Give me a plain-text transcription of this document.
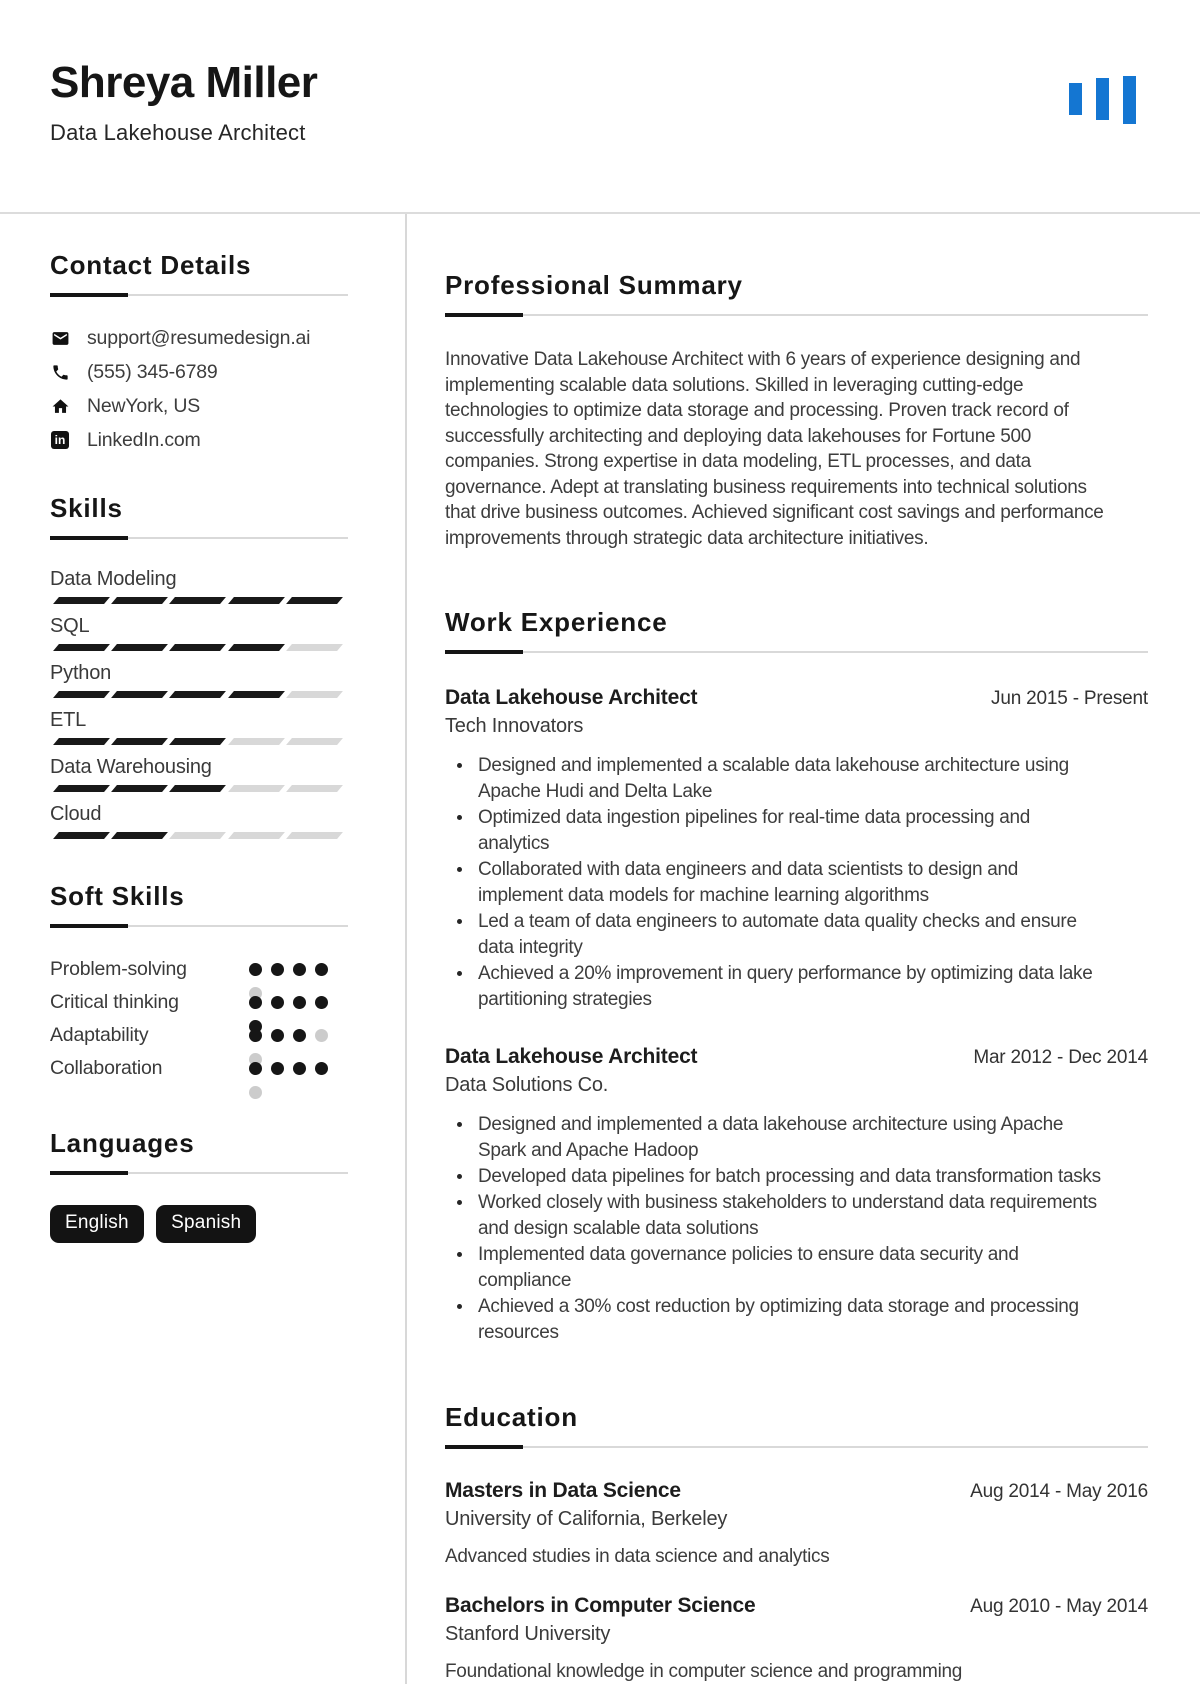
Shreya Miller
Data Lakehouse Architect
Contact Details
support@resumedesign.ai
(555) 345-6789
NewYork, US
in
LinkedIn.com
Skills
Data Modeling
SQL
Python
ETL
Data Warehousing
Cloud
Soft Skills
Problem-solving
Critical thinking
Adaptability
Collaboration
Languages
English Spanish
Professional Summary

Innovative Data Lakehouse Architect with 6 years of experience designing and implementing scalable data solutions. Skilled in leveraging cutting-edge technologies to optimize data storage and processing. Proven track record of successfully architecting and deploying data lakehouses for Fortune 500 companies. Strong expertise in data modeling, ETL processes, and data governance. Adept at translating business requirements into technical solutions that drive business outcomes. Achieved significant cost savings and performance improvements through strategic data architecture initiatives.

Work Experience
Data Lakehouse Architect	Jun 2015 - Present
Tech Innovators
Designed and implemented a scalable data lakehouse architecture using Apache Hudi and Delta Lake
Optimized data ingestion pipelines for real-time data processing and analytics
Collaborated with data engineers and data scientists to design and implement data models for machine learning algorithms
Led a team of data engineers to automate data quality checks and ensure data integrity
Achieved a 20% improvement in query performance by optimizing data lake partitioning strategies
Data Lakehouse Architect	Mar 2012 - Dec 2014
Data Solutions Co.
Designed and implemented a data lakehouse architecture using Apache Spark and Apache Hadoop
Developed data pipelines for batch processing and data transformation tasks
Worked closely with business stakeholders to understand data requirements and design scalable data solutions
Implemented data governance policies to ensure data security and compliance
Achieved a 30% cost reduction by optimizing data storage and processing resources
Education
Masters in Data Science	Aug 2014 - May 2016
University of California, Berkeley
Advanced studies in data science and analytics
Bachelors in Computer Science	Aug 2010 - May 2014
Stanford University
Foundational knowledge in computer science and programming
